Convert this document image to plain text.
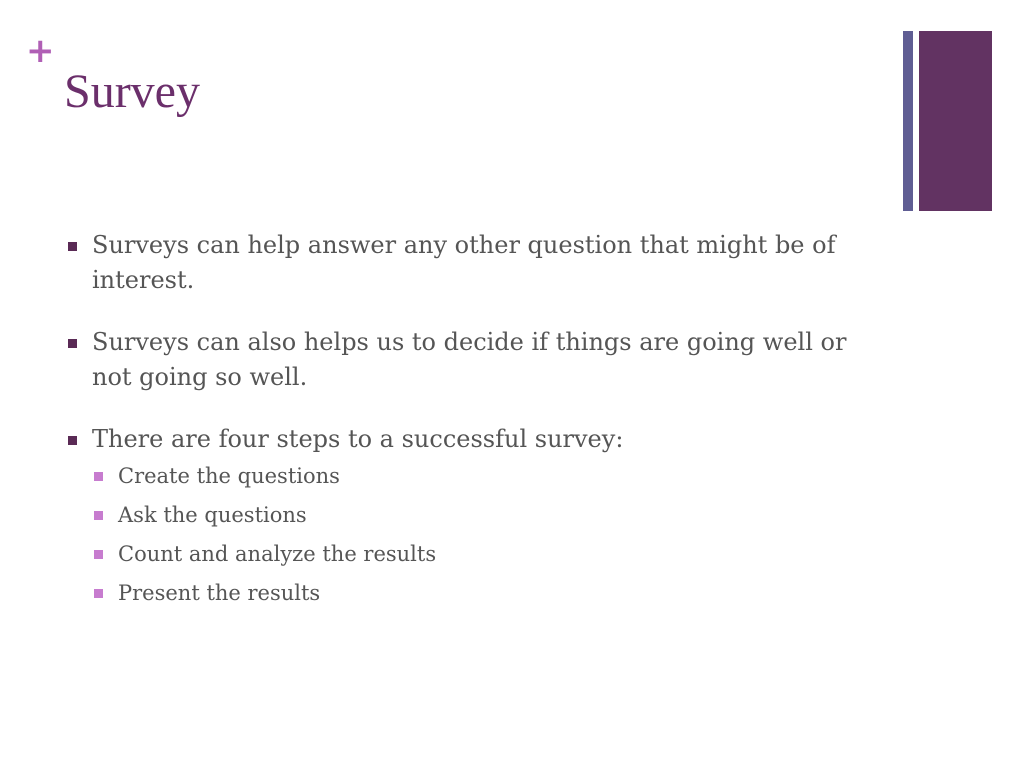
+
Survey
Surveys can help answer any other question that might be of interest.
Surveys can also helps us to decide if things are going well or not going so well.
There are four steps to a successful survey:
Create the questions
Ask the questions
Count and analyze the results
Present the results
